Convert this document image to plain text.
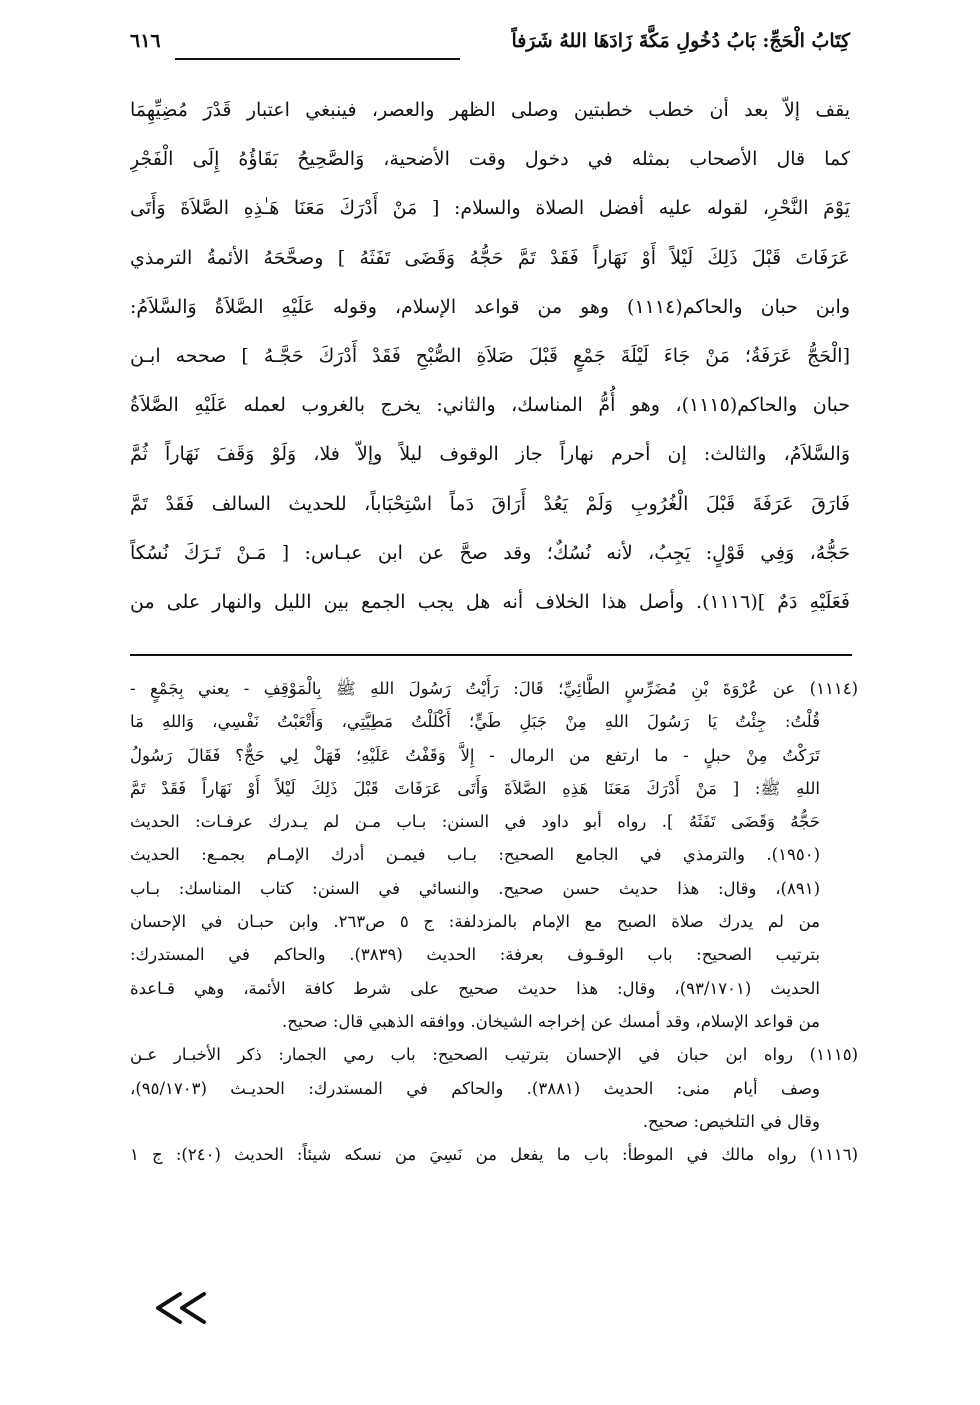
كِتَابُ الْحَجِّ: بَابُ دُخُولِ مَكَّةَ زَادَهَا اللهُ شَرَفاً
٦١٦
يقف إلاّ بعد أن خطب خطبتين وصلى الظهر والعصر، فينبغي اعتبار قَدْرَ مُضِيِّهِمَا
كما قال الأصحاب بمثله في دخول وقت الأضحية، وَالصَّحِيحُ بَقَاؤُهُ إِلَى الْفَجْرِ
يَوْمَ النَّحْرِ، لقوله عليه أفضل الصلاة والسلام: [ مَنْ أَدْرَكَ مَعَنَا هَـٰذِهِ الصَّلاَةَ وَأَتَى
عَرَفَاتَ قَبْلَ ذَلِكَ لَيْلاً أَوْ نَهَاراً فَقَدْ تَمَّ حَجُّهُ وَقَضَى تَفَثَهُ ] وصحَّحَهُ الأئمةُ الترمذي
وابن حبان والحاكم(١١١٤) وهو من قواعد الإسلام، وقوله عَلَيْهِ الصَّلاَةُ وَالسَّلاَمُ:
[الْحَجُّ عَرَفَةُ؛ مَنْ جَاءَ لَيْلَةَ جَمْعٍ قَبْلَ صَلاَةِ الصُّبْحِ فَقَدْ أَدْرَكَ حَجَّـهُ ] صححه ابـن
حبان والحاكم(١١١٥)، وهو أُمُّ المناسك، والثاني: يخرج بالغروب لعمله عَلَيْهِ الصَّلاَةُ
وَالسَّلاَمُ، والثالث: إن أحرم نهاراً جاز الوقوف ليلاً وإلاّ فلا، وَلَوْ وَقَفَ نَهَاراً ثُمَّ
فَارَقَ عَرَفَةَ قَبْلَ الْغُرُوبِ وَلَمْ يَعُدْ أَرَاقَ دَماً اسْتِحْبَاباً، للحديث السالف فَقَدْ تَمَّ
حَجُّهُ، وَفِي قَوْلٍ: يَجِبُ، لأنه نُسُكٌ؛ وقد صحَّ عن ابن عبـاس: [ مَـنْ تَـرَكَ نُسُكاً
فَعَلَيْهِ دَمٌ ](١١١٦). وأصل هذا الخلاف أنه هل يجب الجمع بين الليل والنهار على من
(١١١٤) عن عُرْوَةَ بْنِ مُضَرِّسٍ الطَّائِيِّ؛ قَالَ: رَأَيْتُ رَسُولَ اللهِ ﷺ بِالْمَوْقِفِ - يعني بِجَمْعٍ -
قُلْتُ: جِئْتُ يَا رَسُولَ اللهِ مِنْ جَبَلِ طَيٍّ؛ أَكْلَلْتُ مَطِيَّتِي، وَأَتْعَبْتُ نَفْسِي، وَاللهِ مَا
تَرَكْتُ مِنْ حبلٍ - ما ارتفع من الرمال - إِلاَّ وَقَفْتُ عَلَيْهِ؛ فَهَلْ لِي حَجٌّ؟ فَقَالَ رَسُولُ
اللهِ ﷺ: [ مَنْ أَدْرَكَ مَعَنَا هَذِهِ الصَّلاَةَ وَأَتَى عَرَفَاتَ قَبْلَ ذَلِكَ لَيْلاً أَوْ نَهَاراً فَقَدْ تَمَّ
حَجُّهُ وَقَضَى تَفَثَهُ ]. رواه أبو داود في السنن: بـاب مـن لم يـدرك عرفـات: الحديث
(١٩٥٠). والترمذي في الجامع الصحيح: بـاب فيمـن أدرك الإمـام بجمـع: الحديث
(٨٩١)، وقال: هذا حديث حسن صحيح. والنسائي في السنن: كتاب المناسك: بـاب
من لم يدرك صلاة الصبح مع الإمام بالمزدلفة: ج ٥ ص٢٦٣. وابن حبـان في الإحسان
بترتيب الصحيح: باب الوقـوف بعرفة: الحديث (٣٨٣٩). والحاكم في المستدرك:
الحديث (٩٣/١٧٠١)، وقال: هذا حديث صحيح على شرط كافة الأئمة، وهي قـاعدة
من قواعد الإسلام، وقد أمسك عن إخراجه الشيخان. ووافقه الذهبي قال: صحيح.
(١١١٥) رواه ابن حبان في الإحسان بترتيب الصحيح: باب رمي الجمار: ذكر الأخبـار عـن
وصف أيام منى: الحديث (٣٨٨١). والحاكم في المستدرك: الحديـث (٩٥/١٧٠٣)،
وقال في التلخيص: صحيح.
(١١١٦) رواه مالك في الموطأ: باب ما يفعل من نَسِيَ من نسكه شيئاً: الحديث (٢٤٠): ج ١
